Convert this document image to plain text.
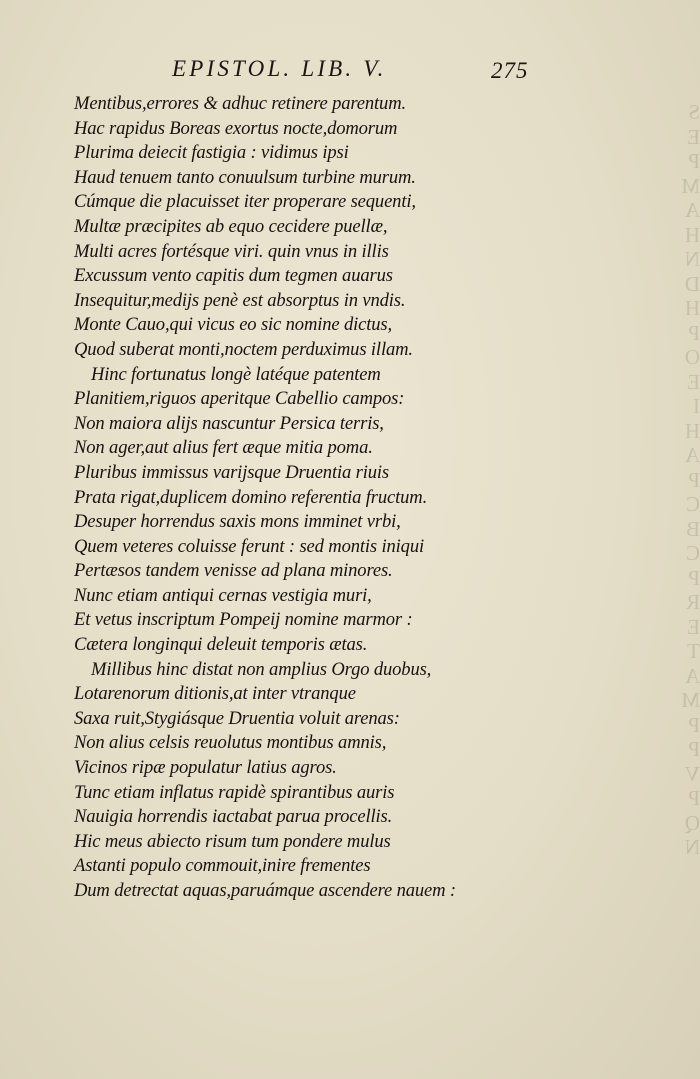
S    
E    
P    
M    
A    
H    
N    
D    
H    
P    
O    
E    
I    
H    
A    
P    
C    
B    
C    
P    
R    
E    
T    
A    
M    
P    
P    
V    
P    
Q    
N    
EPISTOL. LIB. V.	275
Mentibus,errores & adhuc retinere parentum.
Hac rapidus Boreas exortus nocte,domorum
Plurima deiecit fastigia : vidimus ipsi
Haud tenuem tanto conuulsum turbine murum.
Cúmque die placuisset iter properare sequenti,
Multæ præcipites ab equo cecidere puellæ,
Multi acres fortésque viri. quin vnus in illis
Excussum vento capitis dum tegmen auarus
Insequitur,medijs penè est absorptus in vndis.
Monte Cauo,qui vicus eo sic nomine dictus,
Quod suberat monti,noctem perduximus illam.
Hinc fortunatus longè latéque patentem
Planitiem,riguos aperitque Cabellio campos:
Non maiora alijs nascuntur Persica terris,
Non ager,aut alius fert æque mitia poma.
Pluribus immissus varijsque Druentia riuis
Prata rigat,duplicem domino referentia fructum.
Desuper horrendus saxis mons imminet vrbi,
Quem veteres coluisse ferunt : sed montis iniqui
Pertæsos tandem venisse ad plana minores.
Nunc etiam antiqui cernas vestigia muri,
Et vetus inscriptum Pompeij nomine marmor :
Cætera longinqui deleuit temporis ætas.
Millibus hinc distat non amplius Orgo duobus,
Lotarenorum ditionis,at inter vtranque
Saxa ruit,Stygiásque Druentia voluit arenas:
Non alius celsis reuolutus montibus amnis,
Vicinos ripæ populatur latius agros.
Tunc etiam inflatus rapidè spirantibus auris
Nauigia horrendis iactabat parua procellis.
Hic meus abiecto risum tum pondere mulus
Astanti populo commouit,inire frementes
Dum detrectat aquas,paruámque ascendere nauem :
